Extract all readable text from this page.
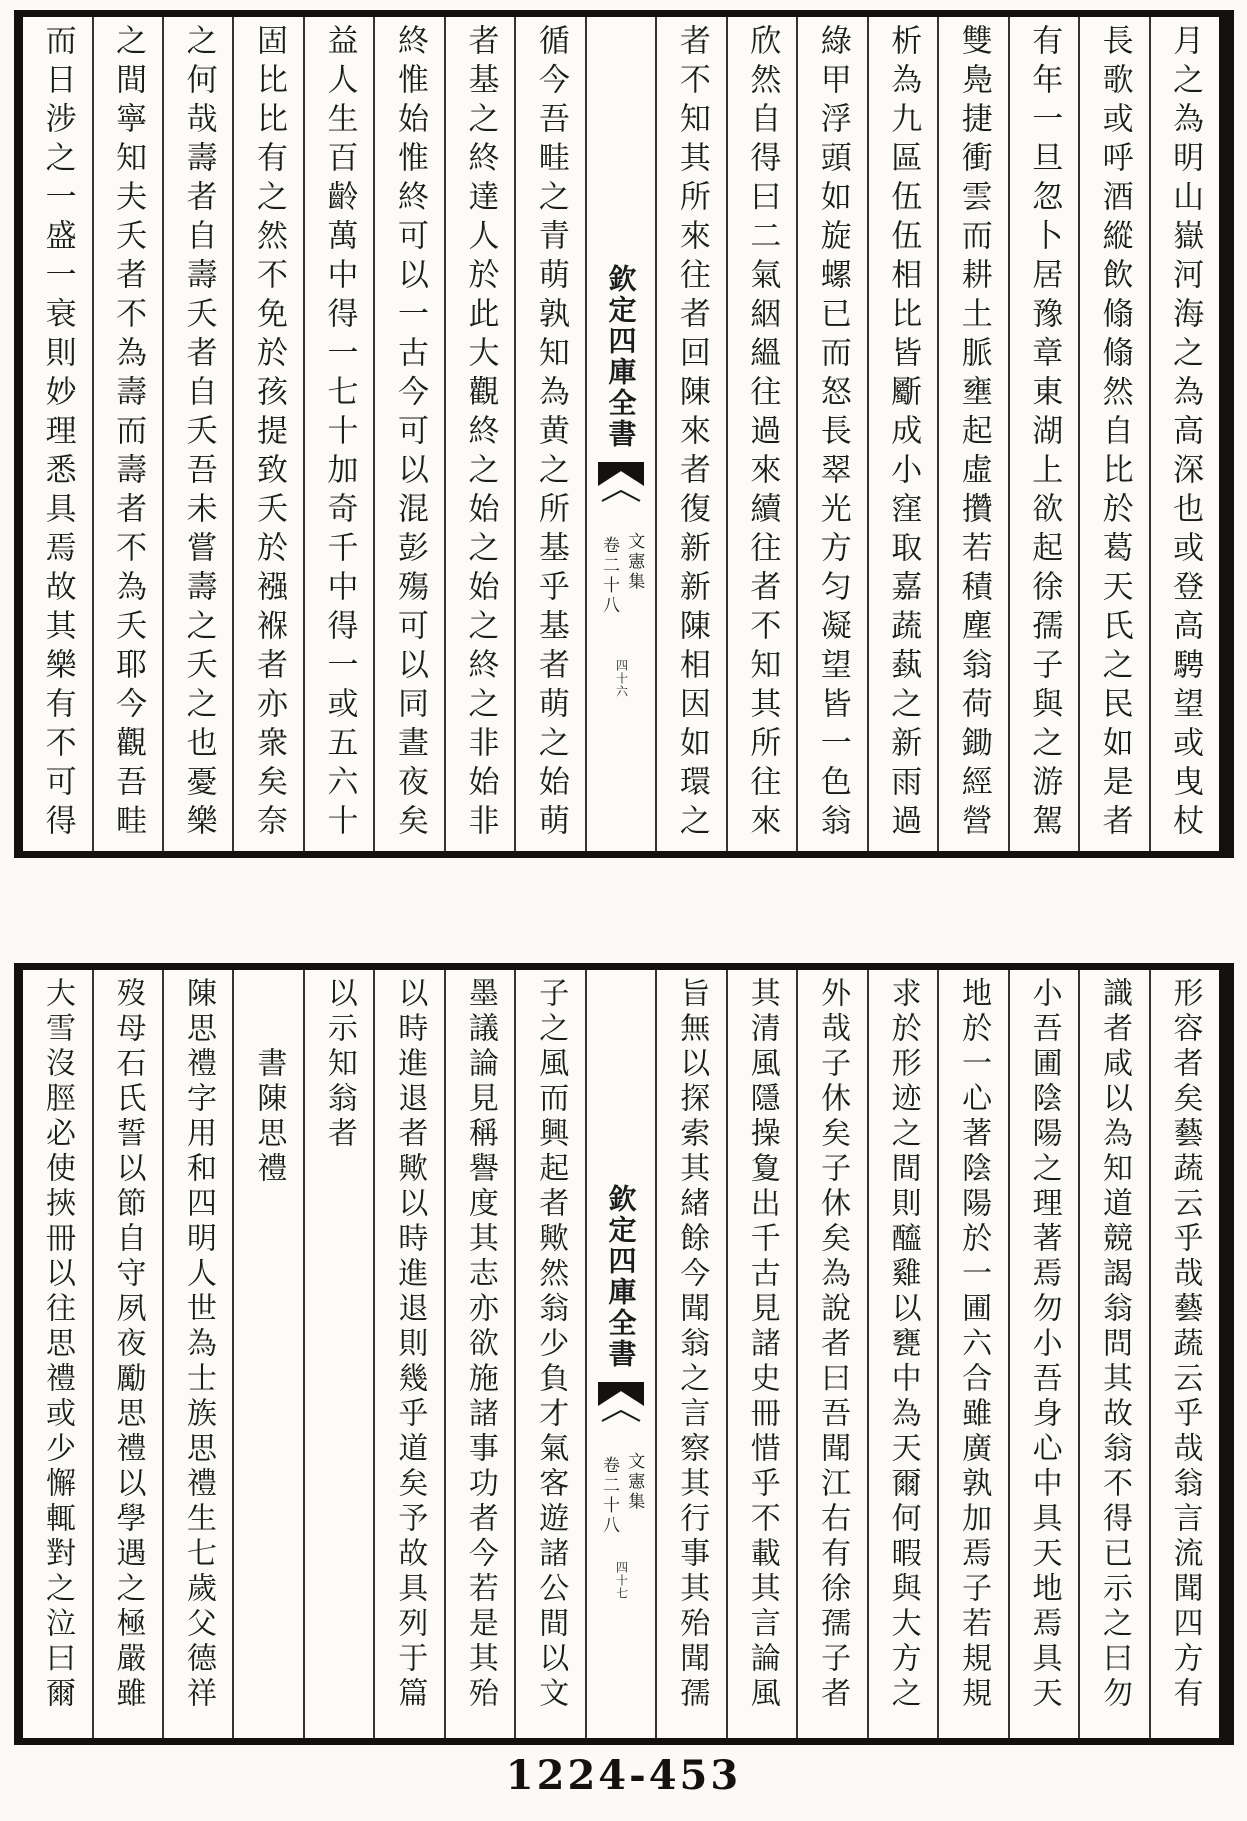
月之為明山嶽河海之為高深也或登高騁望或曳杖
長歌或呼酒縱飲翛翛然自比於葛天氏之民如是者
有年一旦忽卜居豫章東湖上欲起徐孺子與之游駕
雙鳧捷衝雲而耕土脈壅起虛攢若積塵翁荷鋤經營
析為九區伍伍相比皆斸成小窪取嘉蔬蓺之新雨過
綠甲浮頭如旋螺已而怒長翠光方匀凝望皆一色翁
欣然自得曰二氣絪縕往過來續往者不知其所往來
者不知其所來往者回陳來者復新新陳相因如環之
欽定四庫全書
文憲集
卷二十八
四十六
循今吾畦之青萌孰知為黄之所基乎基者萌之始萌
者基之終達人於此大觀終之始之始之終之非始非
終惟始惟終可以一古今可以混彭殤可以同晝夜矣
益人生百齡萬中得一七十加奇千中得一或五六十
固比比有之然不免於孩提致夭於襁褓者亦衆矣奈
之何哉壽者自壽夭者自夭吾未嘗壽之夭之也憂樂
之間寧知夫夭者不為壽而壽者不為夭耶今觀吾畦
而日涉之一盛一衰則妙理悉具焉故其樂有不可得
形容者矣藝蔬云乎哉藝蔬云乎哉翁言流聞四方有
識者咸以為知道競謁翁問其故翁不得已示之曰勿
小吾圃陰陽之理著焉勿小吾身心中具天地焉具天
地於一心著陰陽於一圃六合雖廣孰加焉子若規規
求於形迹之間則醯雞以甕中為天爾何暇與大方之
外哉子休矣子休矣為說者曰吾聞江右有徐孺子者
其清風隱操夐出千古見諸史冊惜乎不載其言論風
旨無以探索其緒餘今聞翁之言察其行事其殆聞孺
欽定四庫全書
文憲集
卷二十八
四十七
子之風而興起者歟然翁少負才氣客遊諸公間以文
墨議論見稱譽度其志亦欲施諸事功者今若是其殆
以時進退者歟以時進退則幾乎道矣予故具列于篇
以示知翁者
書陳思禮
陳思禮字用和四明人世為士族思禮生七歲父德祥
歿母石氏誓以節自守夙夜勵思禮以學遇之極嚴雖
大雪沒脛必使挾冊以往思禮或少懈輒對之泣曰爾
1224-453
